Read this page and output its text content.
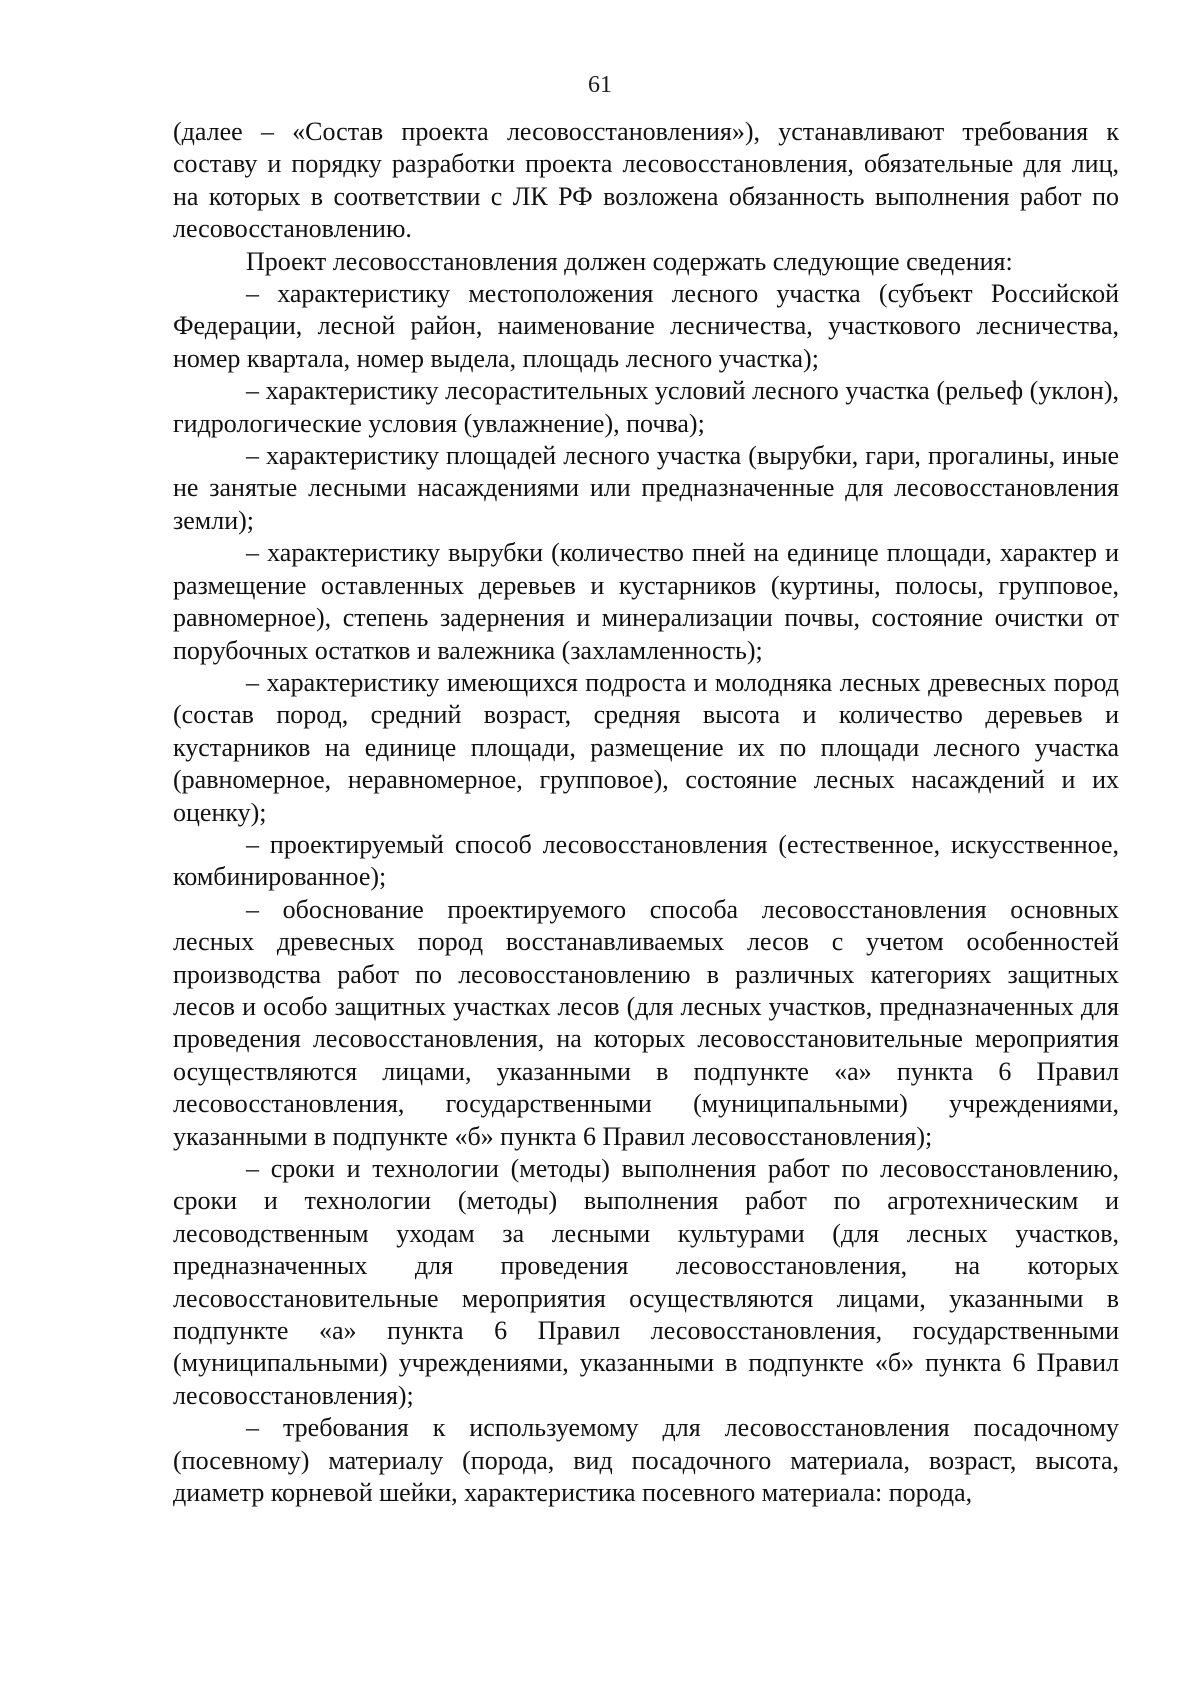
61

(далее – «Состав проекта лесовосстановления»), устанавливают требования к составу и порядку разработки проекта лесовосстановления, обязательные для лиц, на которых в соответствии с ЛК РФ возложена обязанность выполнения работ по лесовосстановлению.

Проект лесовосстановления должен содержать следующие сведения:

– характеристику местоположения лесного участка (субъект Российской Федерации, лесной район, наименование лесничества, участкового лесничества, номер квартала, номер выдела, площадь лесного участка);

– характеристику лесорастительных условий лесного участка (рельеф (уклон), гидрологические условия (увлажнение), почва);

– характеристику площадей лесного участка (вырубки, гари, прогалины, иные не занятые лесными насаждениями или предназначенные для лесовосстановления земли);

– характеристику вырубки (количество пней на единице площади, характер и размещение оставленных деревьев и кустарников (куртины, полосы, групповое, равномерное), степень задернения и минерализации почвы, состояние очистки от порубочных остатков и валежника (захламленность);

– характеристику имеющихся подроста и молодняка лесных древесных пород (состав пород, средний возраст, средняя высота и количество деревьев и кустарников на единице площади, размещение их по площади лесного участка (равномерное, неравномерное, групповое), состояние лесных насаждений и их оценку);

– проектируемый способ лесовосстановления (естественное, искусственное, комбинированное);

– обоснование проектируемого способа лесовосстановления основных лесных древесных пород восстанавливаемых лесов с учетом особенностей производства работ по лесовосстановлению в различных категориях защитных лесов и особо защитных участках лесов (для лесных участков, предназначенных для проведения лесовосстановления, на которых лесовосстановительные мероприятия осуществляются лицами, указанными в подпункте «а» пункта 6 Правил лесовосстановления, государственными (муниципальными) учреждениями, указанными в подпункте «б» пункта 6 Правил лесовосстановления);

– сроки и технологии (методы) выполнения работ по лесовосстановлению, сроки и технологии (методы) выполнения работ по агротехническим и лесоводственным уходам за лесными культурами (для лесных участков, предназначенных для проведения лесовосстановления, на которых лесовосстановительные мероприятия осуществляются лицами, указанными в подпункте «а» пункта 6 Правил лесовосстановления, государственными (муниципальными) учреждениями, указанными в подпункте «б» пункта 6 Правил лесовосстановления);

– требования к используемому для лесовосстановления посадочному (посевному) материалу (порода, вид посадочного материала, возраст, высота, диаметр корневой шейки, характеристика посевного материала: порода,
